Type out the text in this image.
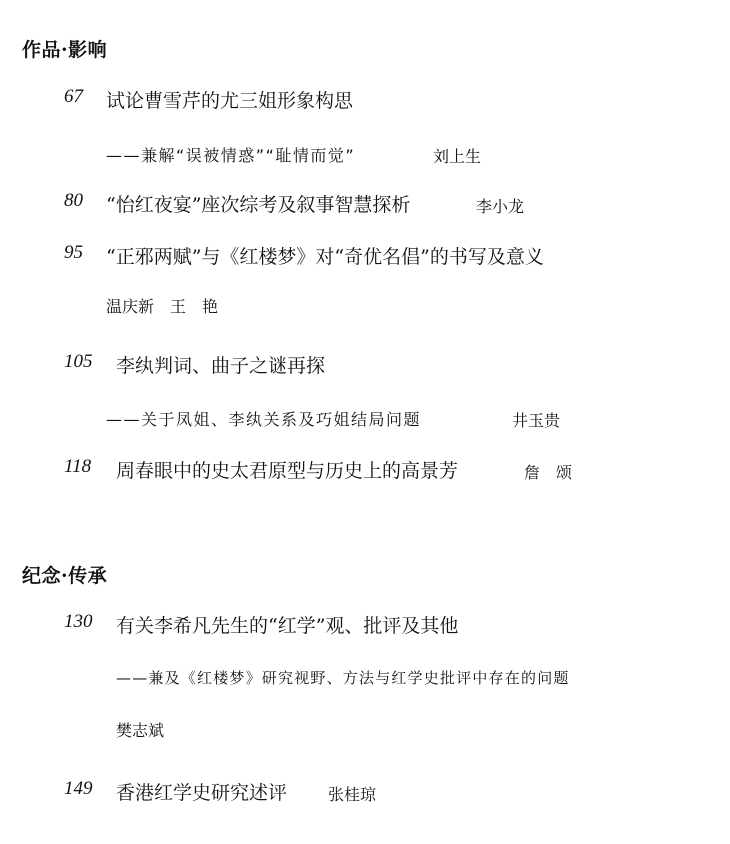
作品·影响
67 试论曹雪芹的尤三姐形象构思
——兼解“误被情惑”“耻情而觉”	刘上生
80 “怡红夜宴”座次综考及叙事智慧探析	李小龙
95 “正邪两赋”与《红楼梦》对“奇优名倡”的书写及意义
温庆新　王　艳
105 李纨判词、曲子之谜再探
——关于凤姐、李纨关系及巧姐结局问题	井玉贵
118 周春眼中的史太君原型与历史上的高景芳	詹　颂
纪念·传承
130 有关李希凡先生的“红学”观、批评及其他
——兼及《红楼梦》研究视野、方法与红学史批评中存在的问题
樊志斌
149 香港红学史研究述评	张桂琼
